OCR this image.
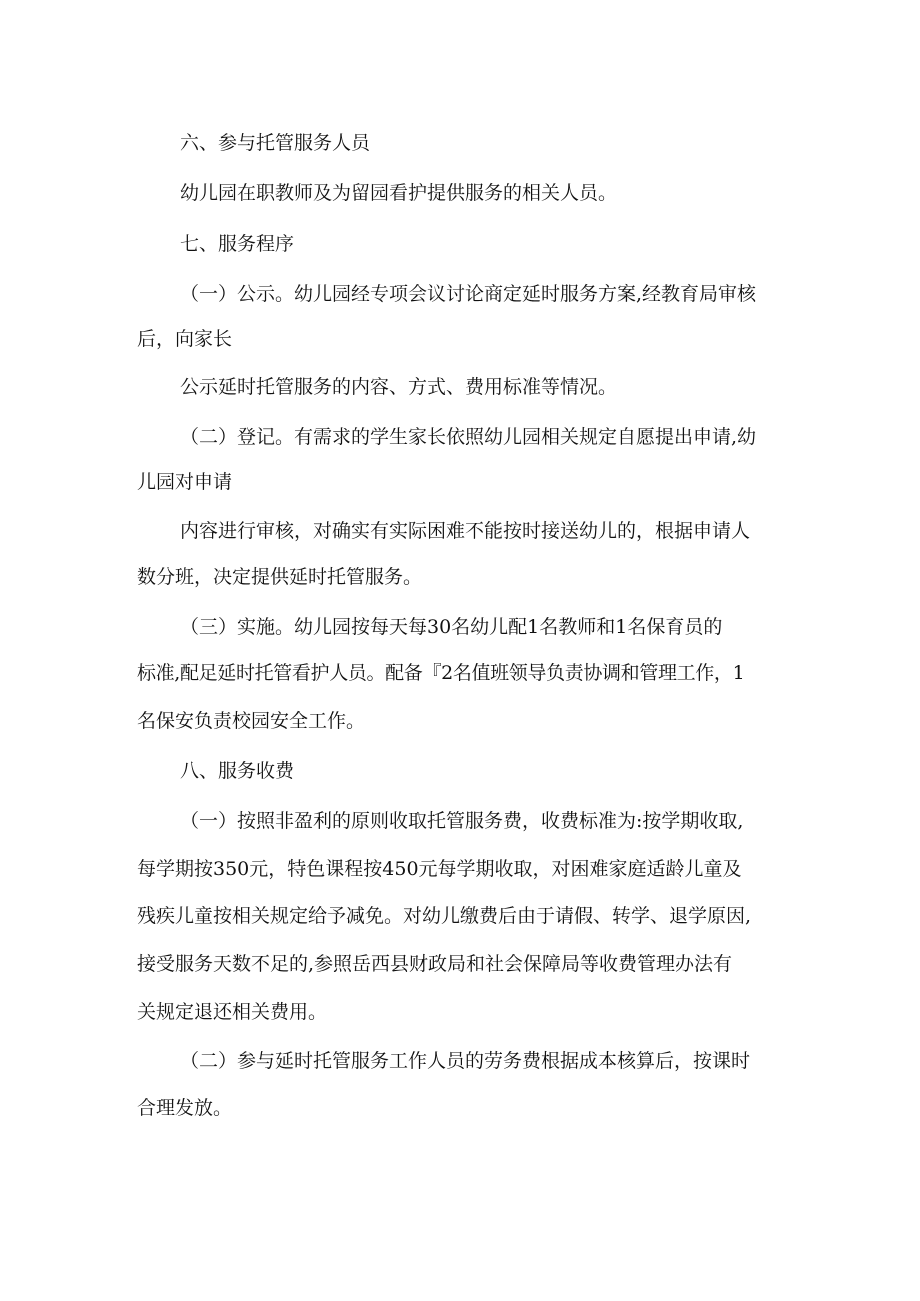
六、参与托管服务人员
幼儿园在职教师及为留园看护提供服务的相关人员。
七、服务程序
（一）公示。幼儿园经专项会议讨论商定延时服务方案,经教育局审核
后，向家长
公示延时托管服务的内容、方式、费用标准等情况。
（二）登记。有需求的学生家长依照幼儿园相关规定自愿提出申请,幼
儿园对申请
内容进行审核，对确实有实际困难不能按时接送幼儿的，根据申请人
数分班，决定提供延时托管服务。
（三）实施。幼儿园按每天每30名幼儿配1名教师和1名保育员的
标准,配足延时托管看护人员。配备『2名值班领导负责协调和管理工作，1
名保安负责校园安全工作。
八、服务收费
（一）按照非盈利的原则收取托管服务费，收费标准为:按学期收取,
每学期按350元，特色课程按450元每学期收取，对困难家庭适龄儿童及
残疾儿童按相关规定给予减免。对幼儿缴费后由于请假、转学、退学原因,
接受服务天数不足的,参照岳西县财政局和社会保障局等收费管理办法有
关规定退还相关费用。
（二）参与延时托管服务工作人员的劳务费根据成本核算后，按课时
合理发放。
